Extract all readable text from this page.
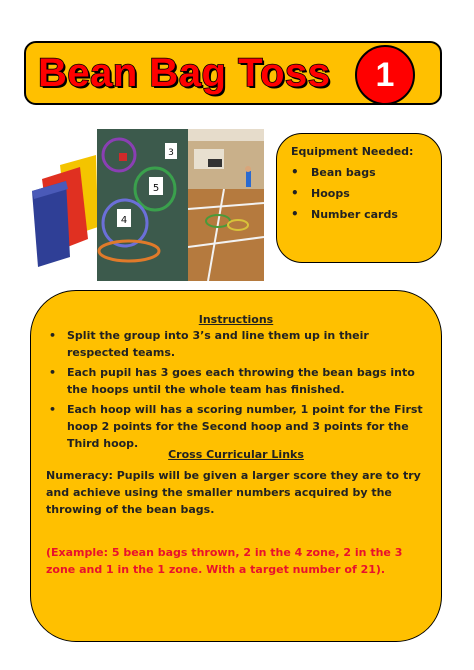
Bean Bag Toss	1
5
4
3	Equipment Needed:

• Bean bags
• Hoops
• Number cards
Instructions
• Split the group into 3’s and line them up in their respected teams.
• Each pupil has 3 goes each throwing the bean bags into the hoops until the whole team has finished.
• Each hoop will has a scoring number, 1 point for the First hoop 2 points for the Second hoop and 3 points for the Third hoop.
Cross Curricular Links

Numeracy: Pupils will be given a larger score they are to try and achieve using the smaller numbers acquired by the throwing of the bean bags.

(Example: 5 bean bags thrown, 2 in the 4 zone, 2 in the 3 zone and 1 in the 1 zone. With a target number of 21).
